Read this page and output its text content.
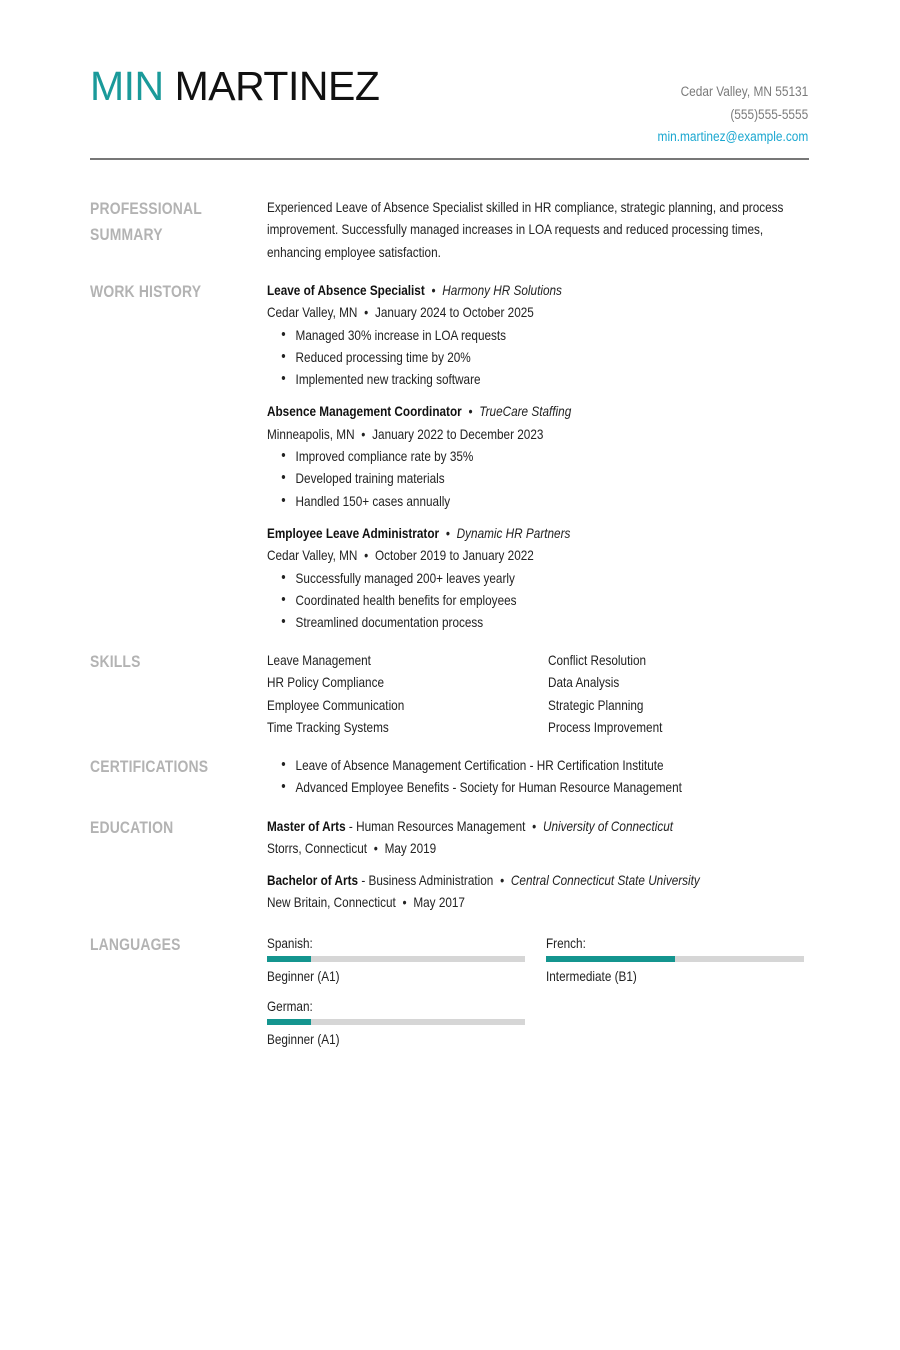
MIN MARTINEZ	Cedar Valley, MN 55131
(555)555-5555
min.martinez@example.com
PROFESSIONAL
SUMMARY
Experienced Leave of Absence Specialist skilled in HR compliance, strategic planning, and process improvement. Successfully managed increases in LOA requests and reduced processing times, enhancing employee satisfaction.
WORK HISTORY	Leave of Absence Specialist • Harmony HR Solutions
Cedar Valley, MN • January 2024 to October 2025
• Managed 30% increase in LOA requests
• Reduced processing time by 20%
• Implemented new tracking software
Absence Management Coordinator • TrueCare Staffing
Minneapolis, MN • January 2022 to December 2023
• Improved compliance rate by 35%
• Developed training materials
• Handled 150+ cases annually
Employee Leave Administrator • Dynamic HR Partners
Cedar Valley, MN • October 2019 to January 2022
• Successfully managed 200+ leaves yearly
• Coordinated health benefits for employees
• Streamlined documentation process
SKILLS	Leave Management	Conflict Resolution
HR Policy Compliance	Data Analysis
Employee Communication	Strategic Planning
Time Tracking Systems	Process Improvement
CERTIFICATIONS	• Leave of Absence Management Certification - HR Certification Institute
• Advanced Employee Benefits - Society for Human Resource Management
EDUCATION	Master of Arts - Human Resources Management • University of Connecticut
Storrs, Connecticut • May 2019
Bachelor of Arts - Business Administration • Central Connecticut State University
New Britain, Connecticut • May 2017
LANGUAGES	Spanish:
Beginner (A1)
French:
Intermediate (B1)
German:
Beginner (A1)
